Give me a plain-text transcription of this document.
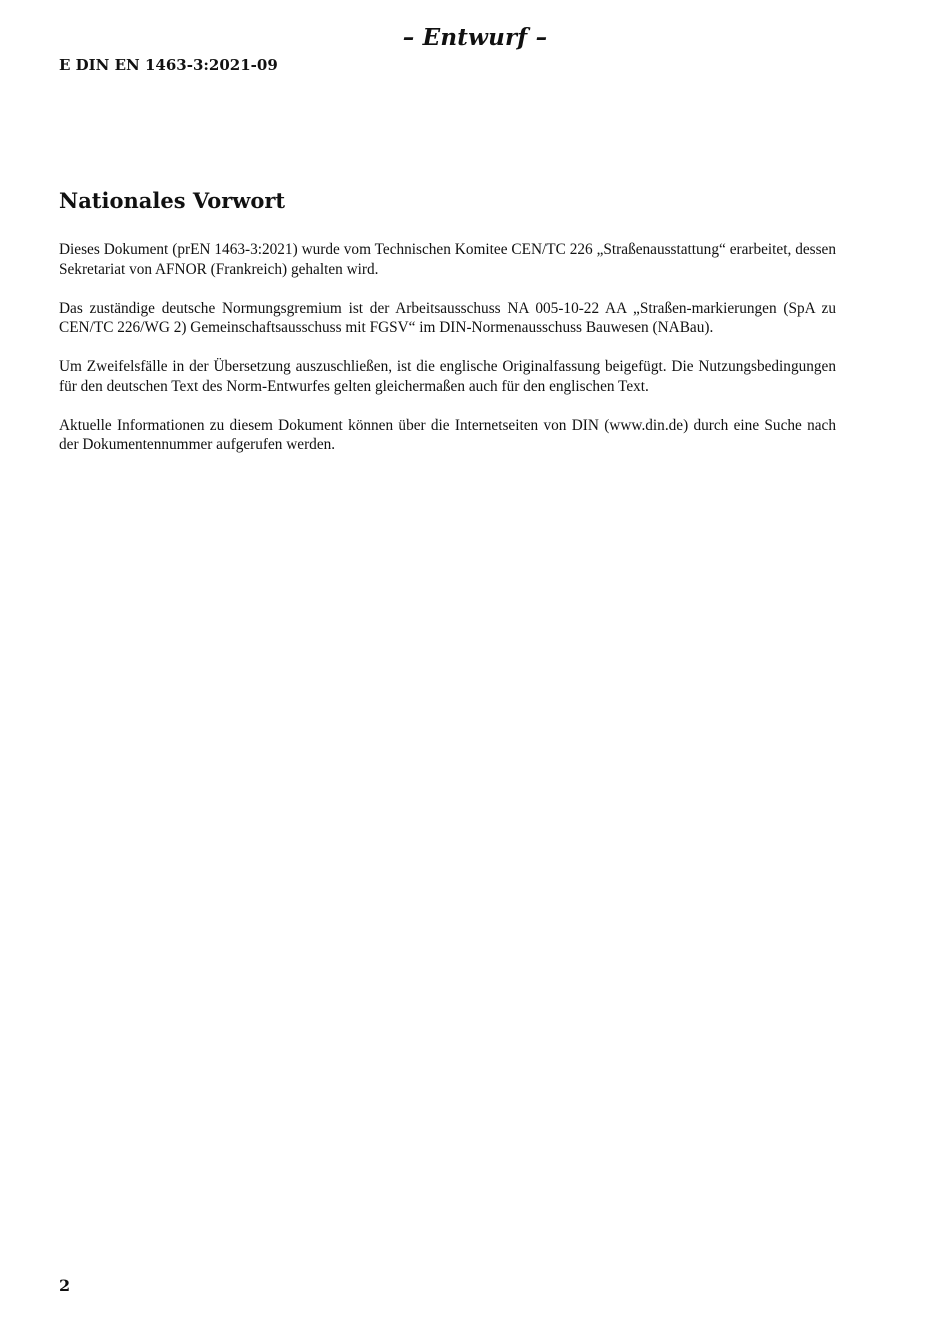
– Entwurf –
E DIN EN 1463-3:2021-09
Nationales Vorwort

Dieses Dokument (prEN 1463-3:2021) wurde vom Technischen Komitee CEN/TC 226 „Straßenausstattung“ erarbeitet, dessen Sekretariat von AFNOR (Frankreich) gehalten wird.

Das zuständige deutsche Normungsgremium ist der Arbeitsausschuss NA 005-10-22 AA „Straßen-markierungen (SpA zu CEN/TC 226/WG 2) Gemeinschaftsausschuss mit FGSV“ im DIN-Normenausschuss Bauwesen (NABau).

Um Zweifelsfälle in der Übersetzung auszuschließen, ist die englische Originalfassung beigefügt. Die Nutzungsbedingungen für den deutschen Text des Norm-Entwurfes gelten gleichermaßen auch für den englischen Text.

Aktuelle Informationen zu diesem Dokument können über die Internetseiten von DIN (www.din.de) durch eine Suche nach der Dokumentennummer aufgerufen werden.

2
